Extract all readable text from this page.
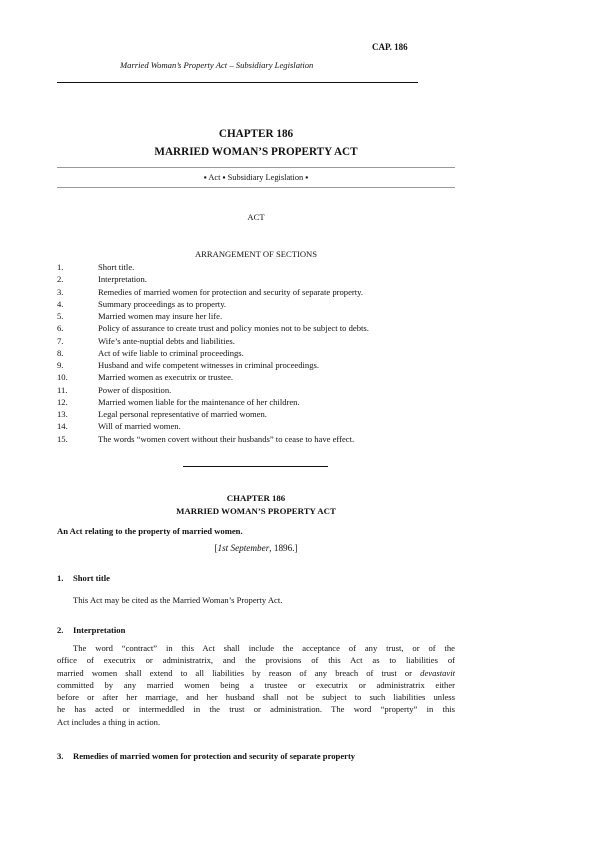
CAP. 186
Married Woman’s Property Act – Subsidiary Legislation
CHAPTER 186
MARRIED WOMAN’S PROPERTY ACT
▪ Act ▪ Subsidiary Legislation ▪
ACT
ARRANGEMENT OF SECTIONS
1.	Short title.
2.	Interpretation.
3.	Remedies of married women for protection and security of separate property.
4.	Summary proceedings as to property.
5.	Married women may insure her life.
6.	Policy of assurance to create trust and policy monies not to be subject to debts.
7.	Wife’s ante-nuptial debts and liabilities.
8.	Act of wife liable to criminal proceedings.
9.	Husband and wife competent witnesses in criminal proceedings.
10.	Married women as executrix or trustee.
11.	Power of disposition.
12.	Married women liable for the maintenance of her children.
13.	Legal personal representative of married women.
14.	Will of married women.
15.	The words “women covert without their husbands” to cease to have effect.
CHAPTER 186
MARRIED WOMAN’S PROPERTY ACT
An Act relating to the property of married women.
[1st September, 1896.]
1. Short title
This Act may be cited as the Married Woman’s Property Act.
2. Interpretation
The word “contract” in this Act shall include the acceptance of any trust, or of the
office of executrix or administratrix, and the provisions of this Act as to liabilities of
married women shall extend to all liabilities by reason of any breach of trust or devastavit
committed by any married women being a trustee or executrix or administratrix either
before or after her marriage, and her husband shall not be subject to such liabilities unless
he has acted or intermeddled in the trust or administration. The word “property” in this
Act includes a thing in action.
3. Remedies of married women for protection and security of separate property
